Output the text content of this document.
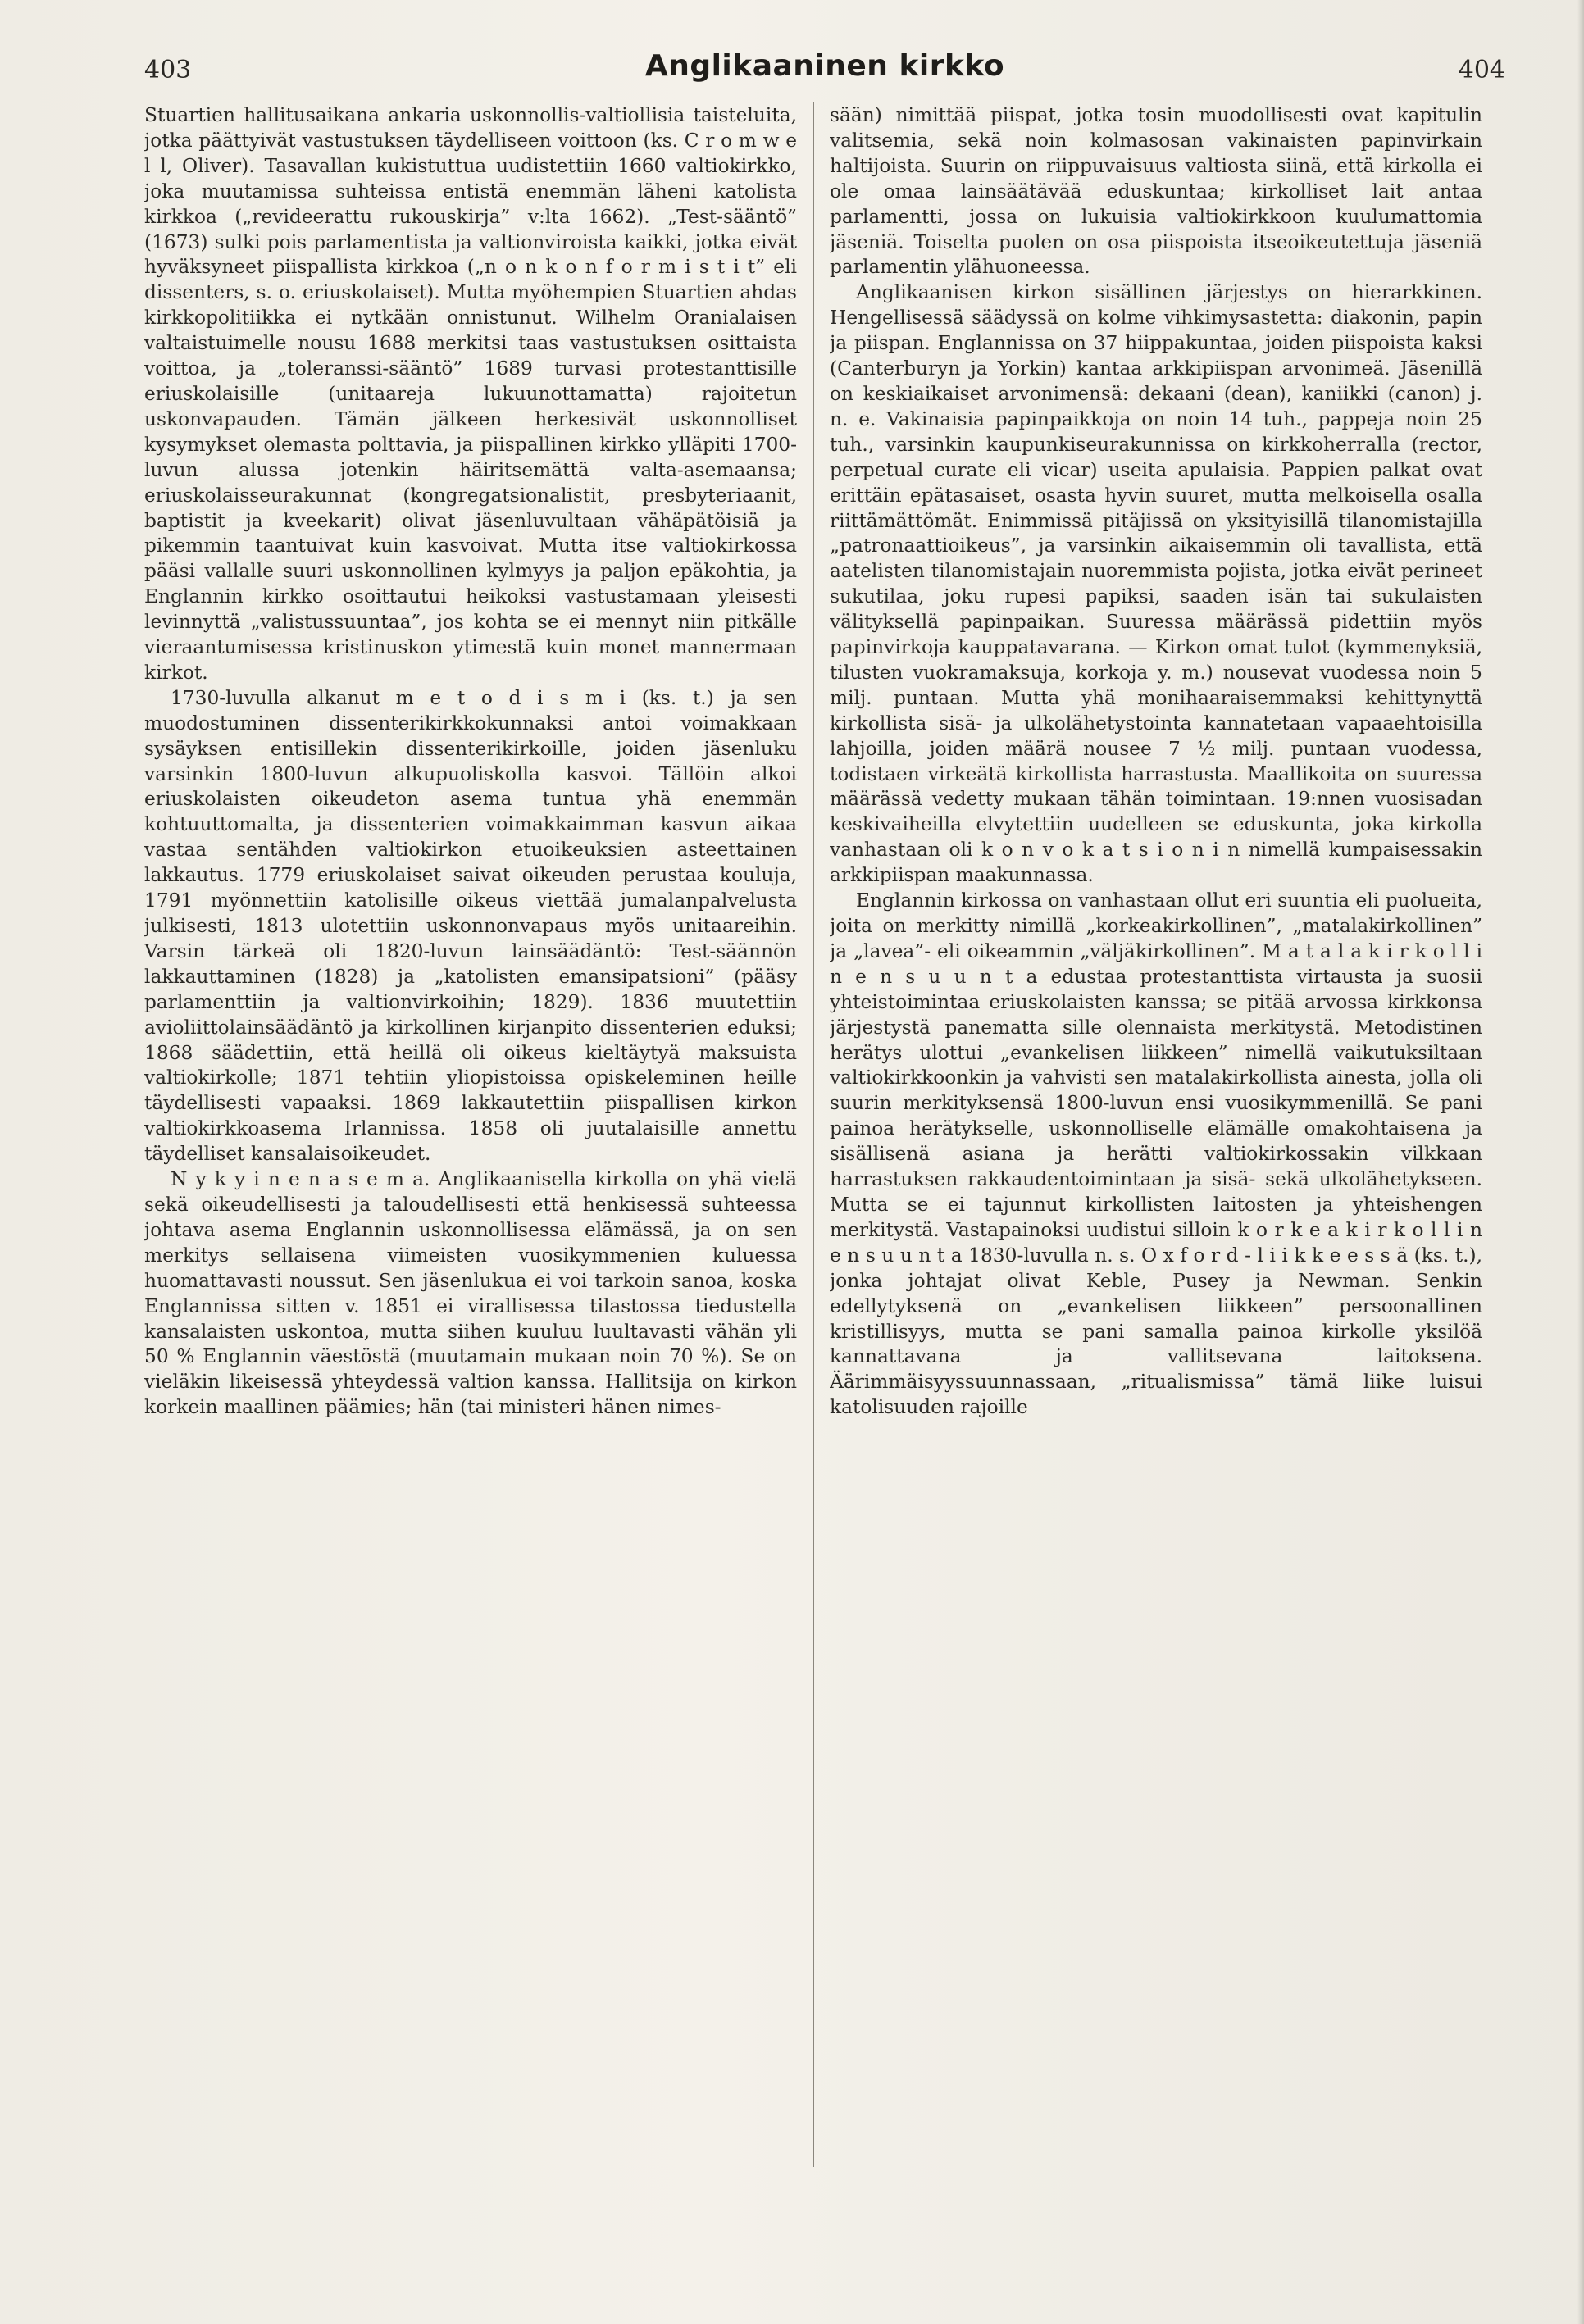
403	Anglikaaninen kirkko	404

Stuartien hallitusaikana ankaria uskonnollis-valtiollisia taisteluita, jotka päättyivät vastustuksen täydelliseen voittoon (ks. C r o m w e l l, Oliver). Tasavallan kukistuttua uudistettiin 1660 valtiokirkko, joka muutamissa suhteissa entistä enemmän läheni katolista kirkkoa („revideerattu rukouskirja” v:lta 1662). „Test-sääntö” (1673) sulki pois parlamentista ja valtionviroista kaikki, jotka eivät hyväksyneet piispallista kirkkoa („n o n k o n f o r m i s t i t” eli dissenters, s. o. eriuskolaiset). Mutta myöhempien Stuartien ahdas kirkkopolitiikka ei nytkään onnistunut. Wilhelm Oranialaisen valtaistuimelle nousu 1688 merkitsi taas vastustuksen osittaista voittoa, ja „toleranssi-sääntö” 1689 turvasi protestanttisille eriuskolaisille (unitaareja lukuunottamatta) rajoitetun uskonvapauden. Tämän jälkeen herkesivät uskonnolliset kysymykset olemasta polttavia, ja piispallinen kirkko ylläpiti 1700-luvun alussa jotenkin häiritsemättä valta-asemaansa; eriuskolaisseurakunnat (kongregatsionalistit, presbyteriaanit, baptistit ja kveekarit) olivat jäsenluvultaan vähäpätöisiä ja pikemmin taantuivat kuin kasvoivat. Mutta itse valtiokirkossa pääsi vallalle suuri uskonnollinen kylmyys ja paljon epäkohtia, ja Englannin kirkko osoittautui heikoksi vastustamaan yleisesti levinnyttä „valistussuuntaa”, jos kohta se ei mennyt niin pitkälle vieraantumisessa kristinuskon ytimestä kuin monet mannermaan kirkot.

1730-luvulla alkanut m e t o d i s m i (ks. t.) ja sen muodostuminen dissenterikirkkokunnaksi antoi voimakkaan sysäyksen entisillekin dissenterikirkoille, joiden jäsenluku varsinkin 1800-luvun alkupuoliskolla kasvoi. Tällöin alkoi eriuskolaisten oikeudeton asema tuntua yhä enemmän kohtuuttomalta, ja dissenterien voimakkaimman kasvun aikaa vastaa sentähden valtiokirkon etuoikeuksien asteettainen lakkautus. 1779 eriuskolaiset saivat oikeuden perustaa kouluja, 1791 myönnettiin katolisille oikeus viettää jumalanpalvelusta julkisesti, 1813 ulotettiin uskonnonvapaus myös unitaareihin. Varsin tärkeä oli 1820-luvun lainsäädäntö: Test-säännön lakkauttaminen (1828) ja „katolisten emansipatsioni” (pääsy parlamenttiin ja valtionvirkoihin; 1829). 1836 muutettiin avioliittolainsäädäntö ja kirkollinen kirjanpito dissenterien eduksi; 1868 säädettiin, että heillä oli oikeus kieltäytyä maksuista valtiokirkolle; 1871 tehtiin yliopistoissa opiskeleminen heille täydellisesti vapaaksi. 1869 lakkautettiin piispallisen kirkon valtiokirkkoasema Irlannissa. 1858 oli juutalaisille annettu täydelliset kansalaisoikeudet.

N y k y i n e n a s e m a. Anglikaanisella kirkolla on yhä vielä sekä oikeudellisesti ja taloudellisesti että henkisessä suhteessa johtava asema Englannin uskonnollisessa elämässä, ja on sen merkitys sellaisena viimeisten vuosikymmenien kuluessa huomattavasti noussut. Sen jäsenlukua ei voi tarkoin sanoa, koska Englannissa sitten v. 1851 ei virallisessa tilastossa tiedustella kansalaisten uskontoa, mutta siihen kuuluu luultavasti vähän yli 50 % Englannin väestöstä (muutamain mukaan noin 70 %). Se on vieläkin likeisessä yhteydessä valtion kanssa. Hallitsija on kirkon korkein maallinen päämies; hän (tai ministeri hänen nimes-

sään) nimittää piispat, jotka tosin muodollisesti ovat kapitulin valitsemia, sekä noin kolmasosan vakinaisten papinvirkain haltijoista. Suurin on riippuvaisuus valtiosta siinä, että kirkolla ei ole omaa lainsäätävää eduskuntaa; kirkolliset lait antaa parlamentti, jossa on lukuisia valtiokirkkoon kuulumattomia jäseniä. Toiselta puolen on osa piispoista itseoikeutettuja jäseniä parlamentin ylähuoneessa.

Anglikaanisen kirkon sisällinen järjestys on hierarkkinen. Hengellisessä säädyssä on kolme vihkimysastetta: diakonin, papin ja piispan. Englannissa on 37 hiippakuntaa, joiden piispoista kaksi (Canterburyn ja Yorkin) kantaa arkkipiispan arvonimeä. Jäsenillä on keskiaikaiset arvonimensä: dekaani (dean), kaniikki (canon) j. n. e. Vakinaisia papinpaikkoja on noin 14 tuh., pappeja noin 25 tuh., varsinkin kaupunkiseurakunnissa on kirkkoherralla (rector, perpetual curate eli vicar) useita apulaisia. Pappien palkat ovat erittäin epätasaiset, osasta hyvin suuret, mutta melkoisella osalla riittämättömät. Enimmissä pitäjissä on yksityisillä tilanomistajilla „patronaattioikeus”, ja varsinkin aikaisemmin oli tavallista, että aatelisten tilanomistajain nuoremmista pojista, jotka eivät perineet sukutilaa, joku rupesi papiksi, saaden isän tai sukulaisten välityksellä papinpaikan. Suuressa määrässä pidettiin myös papinvirkoja kauppatavarana. — Kirkon omat tulot (kymmenyksiä, tilusten vuokramaksuja, korkoja y. m.) nousevat vuodessa noin 5 milj. puntaan. Mutta yhä monihaaraisemmaksi kehittynyttä kirkollista sisä- ja ulkolähetystointa kannatetaan vapaaehtoisilla lahjoilla, joiden määrä nousee 7 ½ milj. puntaan vuodessa, todistaen virkeätä kirkollista harrastusta. Maallikoita on suuressa määrässä vedetty mukaan tähän toimintaan. 19:nnen vuosisadan keskivaiheilla elvytettiin uudelleen se eduskunta, joka kirkolla vanhastaan oli k o n v o k a t s i o n i n nimellä kumpaisessakin arkkipiispan maakunnassa.

Englannin kirkossa on vanhastaan ollut eri suuntia eli puolueita, joita on merkitty nimillä „korkeakirkollinen”, „matalakirkollinen” ja „lavea”- eli oikeammin „väljäkirkollinen”. M a t a l a k i r k o l l i n e n s u u n t a edustaa protestanttista virtausta ja suosii yhteistoimintaa eriuskolaisten kanssa; se pitää arvossa kirkkonsa järjestystä panematta sille olennaista merkitystä. Metodistinen herätys ulottui „evankelisen liikkeen” nimellä vaikutuksiltaan valtiokirkkoonkin ja vahvisti sen matalakirkollista ainesta, jolla oli suurin merkityksensä 1800-luvun ensi vuosikymmenillä. Se pani painoa herätykselle, uskonnolliselle elämälle omakohtaisena ja sisällisenä asiana ja herätti valtiokirkossakin vilkkaan harrastuksen rakkaudentoimintaan ja sisä- sekä ulkolähetykseen. Mutta se ei tajunnut kirkollisten laitosten ja yhteishengen merkitystä. Vastapainoksi uudistui silloin k o r k e a k i r k o l l i n e n s u u n t a 1830-luvulla n. s. O x f o r d - l i i k k e e s s ä (ks. t.), jonka johtajat olivat Keble, Pusey ja Newman. Senkin edellytyksenä on „evankelisen liikkeen” persoonallinen kristillisyys, mutta se pani samalla painoa kirkolle yksilöä kannattavana ja vallitsevana laitoksena. Äärimmäisyyssuunnassaan, „ritualismissa” tämä liike luisui katolisuuden rajoille
